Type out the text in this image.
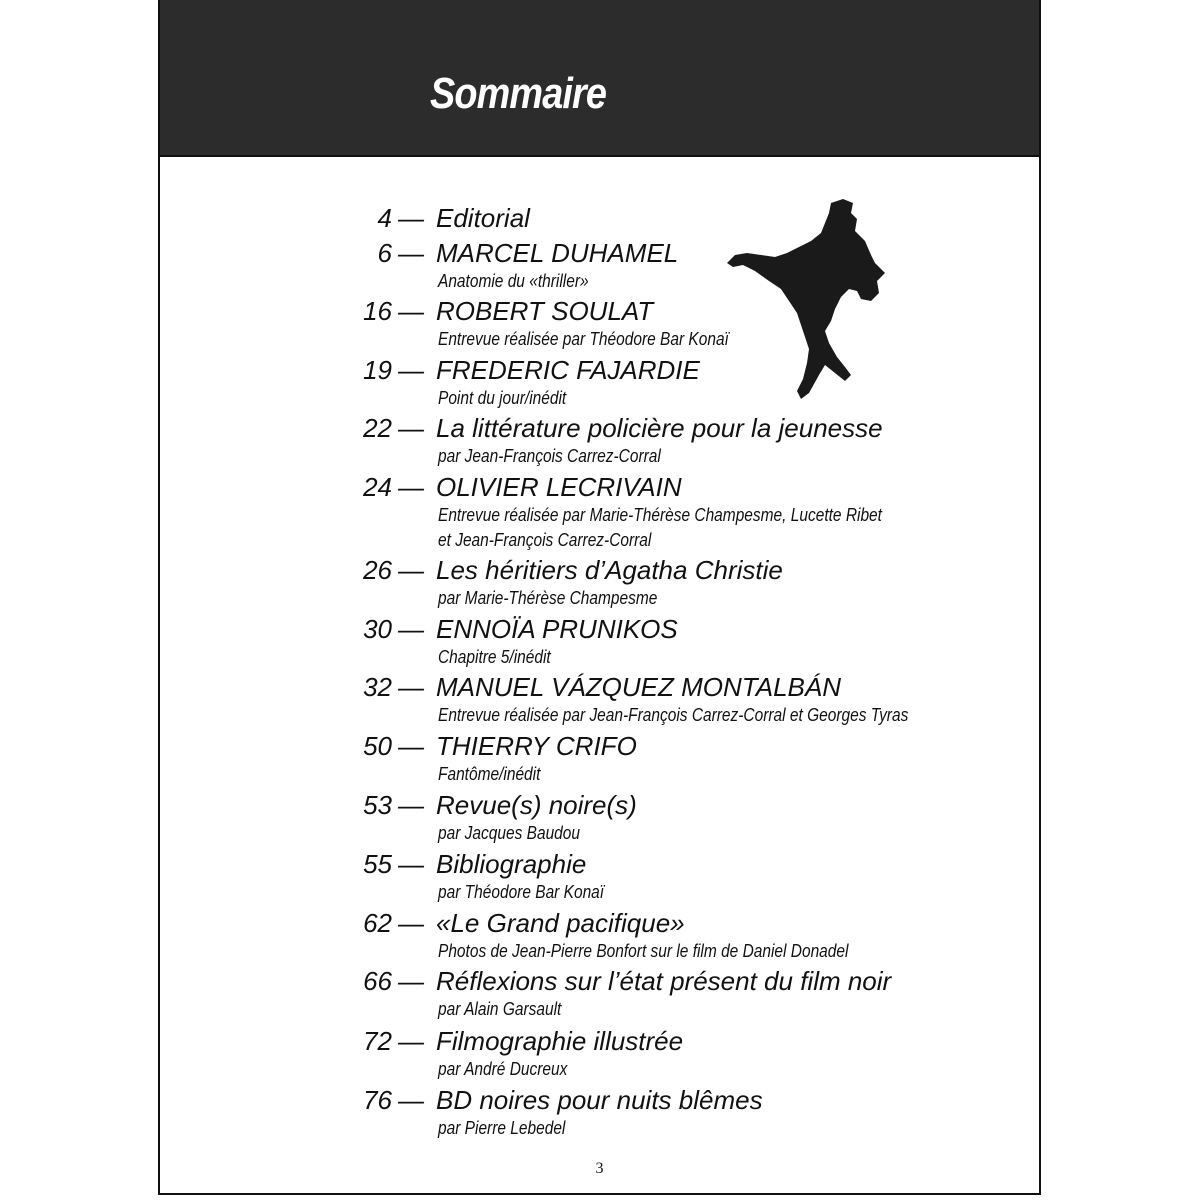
Sommaire
4 — Editorial
6 — MARCEL DUHAMEL
Anatomie du «thriller»
16 — ROBERT SOULAT
Entrevue réalisée par Théodore Bar Konaï
19 — FREDERIC FAJARDIE
Point du jour/inédit
22 — La littérature policière pour la jeunesse
par Jean-François Carrez-Corral
24 — OLIVIER LECRIVAIN
Entrevue réalisée par Marie-Thérèse Champesme, Lucette Ribet
et Jean-François Carrez-Corral
26 — Les héritiers d’Agatha Christie
par Marie-Thérèse Champesme
30 — ENNOÏA PRUNIKOS
Chapitre 5/inédit
32 — MANUEL VÁZQUEZ MONTALBÁN
Entrevue réalisée par Jean-François Carrez-Corral et Georges Tyras
50 — THIERRY CRIFO
Fantôme/inédit
53 — Revue(s) noire(s)
par Jacques Baudou
55 — Bibliographie
par Théodore Bar Konaï
62 — «Le Grand pacifique»
Photos de Jean-Pierre Bonfort sur le film de Daniel Donadel
66 — Réflexions sur l’état présent du film noir
par Alain Garsault
72 — Filmographie illustrée
par André Ducreux
76 — BD noires pour nuits blêmes
par Pierre Lebedel
3
